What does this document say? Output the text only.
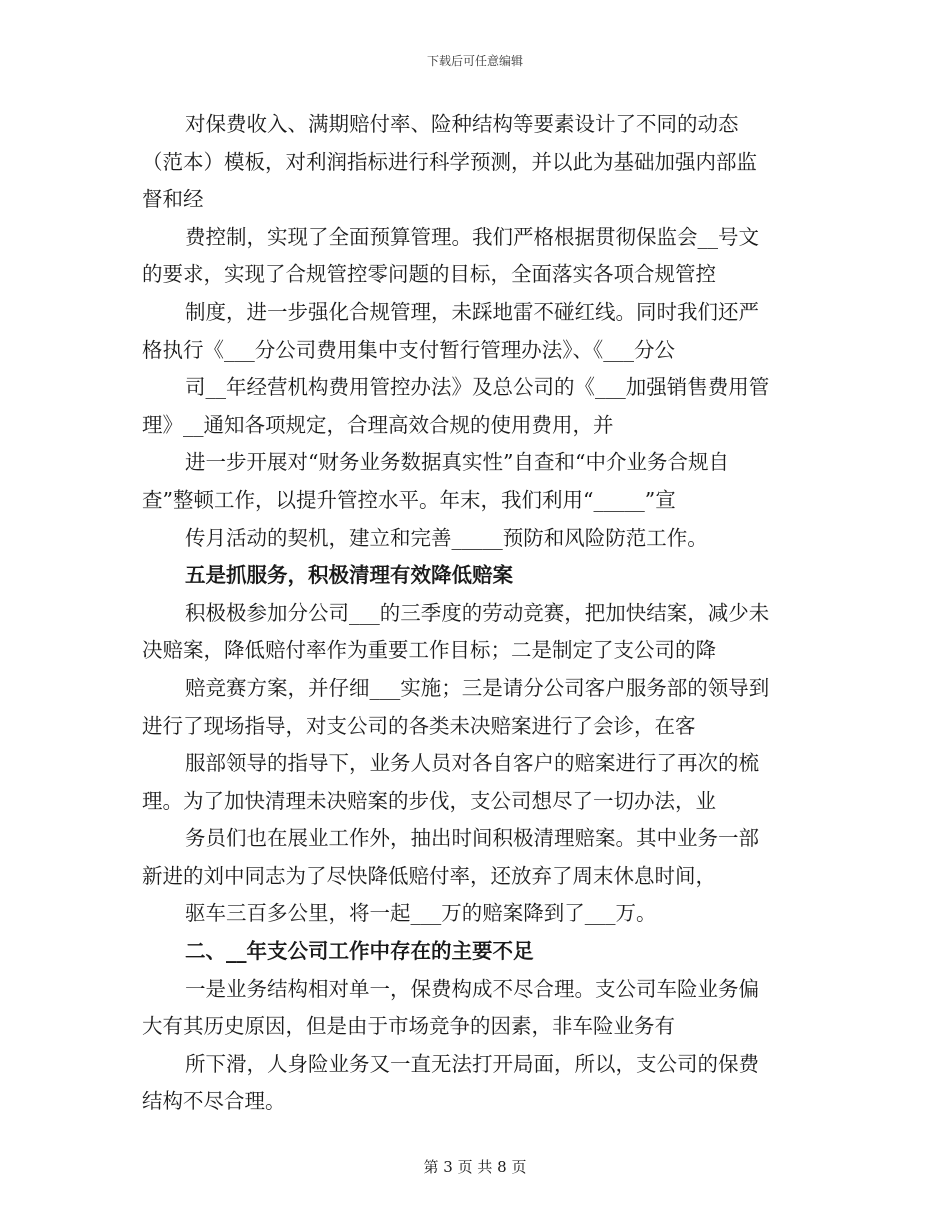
下载后可任意编辑
对保费收入、满期赔付率、险种结构等要素设计了不同的动态
（范本）模板，对利润指标进行科学预测，并以此为基础加强内部监
督和经
费控制，实现了全面预算管理。我们严格根据贯彻保监会__号文
的要求，实现了合规管控零问题的目标，全面落实各项合规管控
制度，进一步强化合规管理，未踩地雷不碰红线。同时我们还严
格执行《___分公司费用集中支付暂行管理办法》、《___分公
司__年经营机构费用管控办法》及总公司的《___加强销售费用管
理》__通知各项规定，合理高效合规的使用费用，并
进一步开展对“财务业务数据真实性”自查和“中介业务合规自
查”整顿工作，以提升管控水平。年末，我们利用“_____”宣
传月活动的契机，建立和完善_____预防和风险防范工作。
五是抓服务，积极清理有效降低赔案
积极极参加分公司___的三季度的劳动竞赛，把加快结案，减少未
决赔案，降低赔付率作为重要工作目标；二是制定了支公司的降
赔竞赛方案，并仔细___实施；三是请分公司客户服务部的领导到
进行了现场指导，对支公司的各类未决赔案进行了会诊，在客
服部领导的指导下，业务人员对各自客户的赔案进行了再次的梳
理。为了加快清理未决赔案的步伐，支公司想尽了一切办法，业
务员们也在展业工作外，抽出时间积极清理赔案。其中业务一部
新进的刘中同志为了尽快降低赔付率，还放弃了周末休息时间，
驱车三百多公里，将一起___万的赔案降到了___万。
二、__年支公司工作中存在的主要不足
一是业务结构相对单一，保费构成不尽合理。支公司车险业务偏
大有其历史原因，但是由于市场竞争的因素，非车险业务有
所下滑，人身险业务又一直无法打开局面，所以，支公司的保费
结构不尽合理。
第 3 页 共 8 页
